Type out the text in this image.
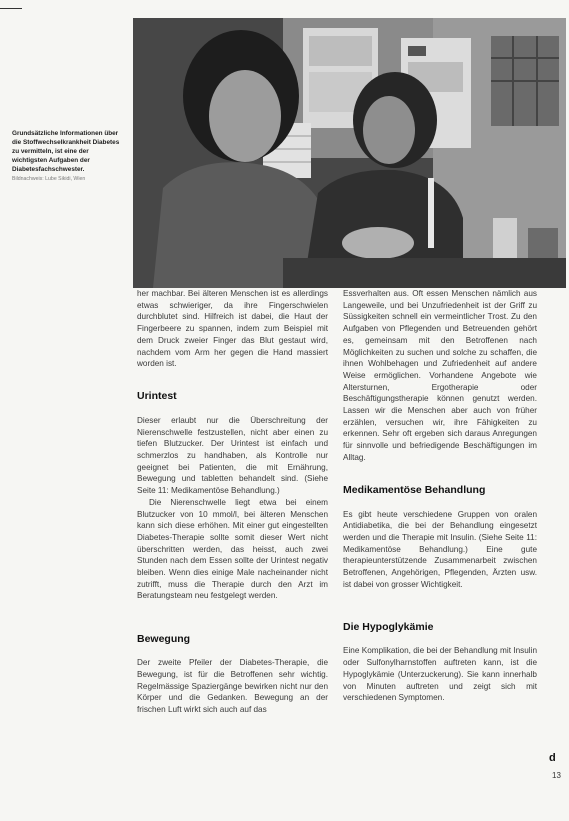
Grundsätzliche Informationen über die Stoffwechselkrankheit Diabetes zu vermitteln, ist eine der wichtigsten Aufgaben der Diabetesfachschwester.
Bildnachweis: Lube Sikidi, Wien

her machbar. Bei älteren Menschen ist es allerdings etwas schwieriger, da ihre Fingerschwielen durchblutet sind. Hilfreich ist dabei, die Haut der Fingerbeere zu spannen, indem zum Beispiel mit dem Druck zweier Finger das Blut gestaut wird, nachdem vom Arm her gegen die Hand massiert worden ist.

Urintest

Dieser erlaubt nur die Überschreitung der Nierenschwelle festzustellen, nicht aber einen zu tiefen Blutzucker. Der Urintest ist einfach und schmerzlos zu handhaben, als Kontrolle nur geeignet bei Patienten, die mit Ernährung, Bewegung und tabletten behandelt sind. (Siehe Seite 11: Medikamentöse Behandlung.)

Die Nierenschwelle liegt etwa bei einem Blutzucker von 10 mmol/l, bei älteren Menschen kann sich diese erhöhen. Mit einer gut eingestellten Diabetes-Therapie sollte somit dieser Wert nicht überschritten werden, das heisst, auch zwei Stunden nach dem Essen sollte der Urintest negativ bleiben. Wenn dies einige Male nacheinander nicht zutrifft, muss die Therapie durch den Arzt im Beratungsteam neu festgelegt werden.

Bewegung

Der zweite Pfeiler der Diabetes-Therapie, die Bewegung, ist für die Betroffenen sehr wichtig. Regelmässige Spaziergänge bewirken nicht nur den Körper und die Gedanken. Bewegung an der frischen Luft wirkt sich auch auf das

Essverhalten aus. Oft essen Menschen nämlich aus Langeweile, und bei Unzufriedenheit ist der Griff zu Süssigkeiten schnell ein vermeintlicher Trost. Zu den Aufgaben von Pflegenden und Betreuenden gehört es, gemeinsam mit den Betroffenen nach Möglichkeiten zu suchen und solche zu schaffen, die ihnen Wohlbehagen und Zufriedenheit auf andere Weise ermöglichen. Vorhandene Angebote wie Altersturnen, Ergotherapie oder Beschäftigungstherapie können genutzt werden. Lassen wir die Menschen aber auch von früher erzählen, versuchen wir, ihre Fähigkeiten zu erkennen. Sehr oft ergeben sich daraus Anregungen für sinnvolle und befriedigende Beschäftigungen im Alltag.

Medikamentöse Behandlung

Es gibt heute verschiedene Gruppen von oralen Antidiabetika, die bei der Behandlung eingesetzt werden und die Therapie mit Insulin. (Siehe Seite 11: Medikamentöse Behandlung.) Eine gute therapieunterstützende Zusammenarbeit zwischen Betroffenen, Angehörigen, Pflegenden, Ärzten usw. ist dabei von grosser Wichtigkeit.

Die Hypoglykämie

Eine Komplikation, die bei der Behandlung mit Insulin oder Sulfonylharnstoffen auftreten kann, ist die Hypoglykämie (Unterzuckerung). Sie kann innerhalb von Minuten auftreten und zeigt sich mit verschiedenen Symptomen.

d
13
